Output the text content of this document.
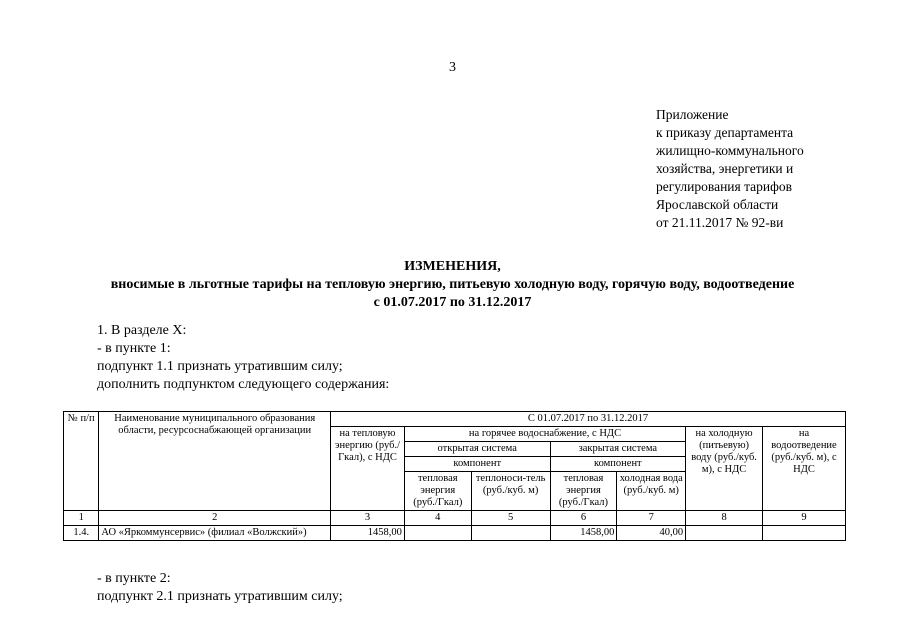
3
Приложение
к приказу департамента
жилищно-коммунального
хозяйства, энергетики и
регулирования тарифов
Ярославской области
от 21.11.2017 № 92-ви
ИЗМЕНЕНИЯ,
вносимые в льготные тарифы на тепловую энергию, питьевую холодную воду, горячую воду, водоотведение
с 01.07.2017 по 31.12.2017
1. В разделе X:
- в пункте 1:
подпункт 1.1 признать утратившим силу;
дополнить подпунктом следующего содержания:
№ п/п	Наименование муниципального образования области, ресурсоснабжающей организации	С 01.07.2017 по 31.12.2017						
		на тепловую энергию (руб./Гкал), с НДС	на горячее водоснабжение, с НДС				на холодную (питьевую) воду (руб./куб. м), с НДС	на водоотведение (руб./куб. м), с НДС
			открытая система		закрытая система			
			компонент		компонент			
			тепловая энергия (руб./Гкал)	теплоноси-тель (руб./куб. м)	тепловая энергия (руб./Гкал)	холодная вода (руб./куб. м)		
1	2	3	4	5	6	7	8	9
1.4.	АО «Яркоммунсервис» (филиал «Волжский»)	1458,00			1458,00	40,00		
- в пункте 2:
подпункт 2.1 признать утратившим силу;
